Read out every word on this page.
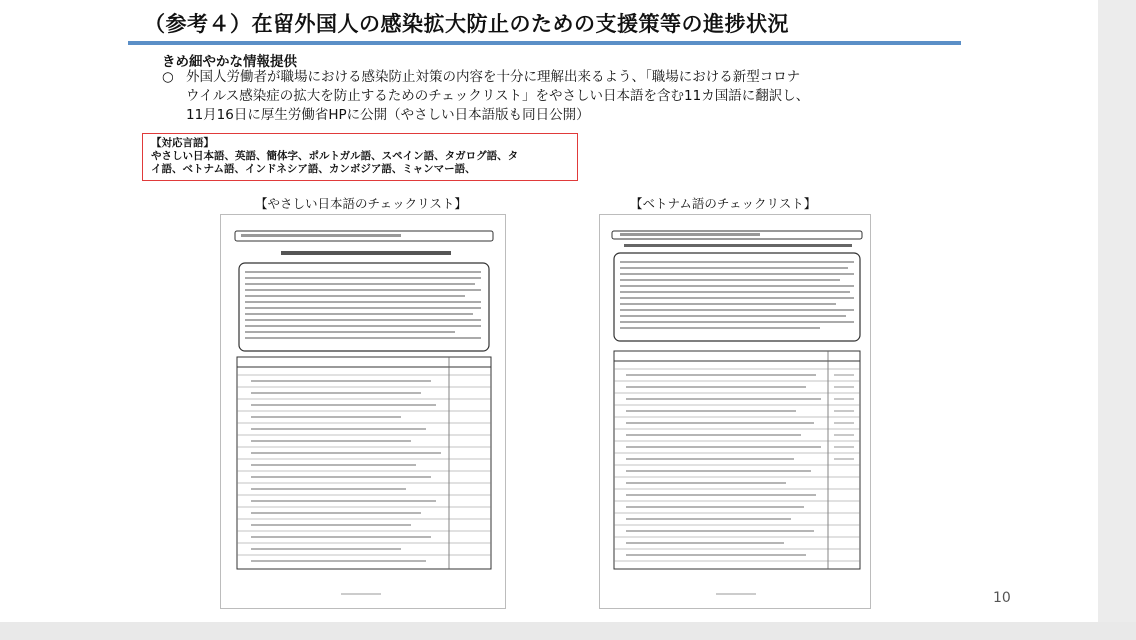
（参考４）在留外国人の感染拡大防止のための支援策等の進捗状況
きめ細やかな情報提供
○ 外国人労働者が職場における感染防止対策の内容を十分に理解出来るよう、「職場における新型コロナ
ウイルス感染症の拡大を防止するためのチェックリスト」をやさしい日本語を含む11カ国語に翻訳し、
11月16日に厚生労働省HPに公開（やさしい日本語版も同日公開）
【対応言語】
やさしい日本語、英語、簡体字、ポルトガル語、スペイン語、タガログ語、タ
イ語、ベトナム語、インドネシア語、カンボジア語、ミャンマー語、
【やさしい日本語のチェックリスト】	【ベトナム語のチェックリスト】
10
